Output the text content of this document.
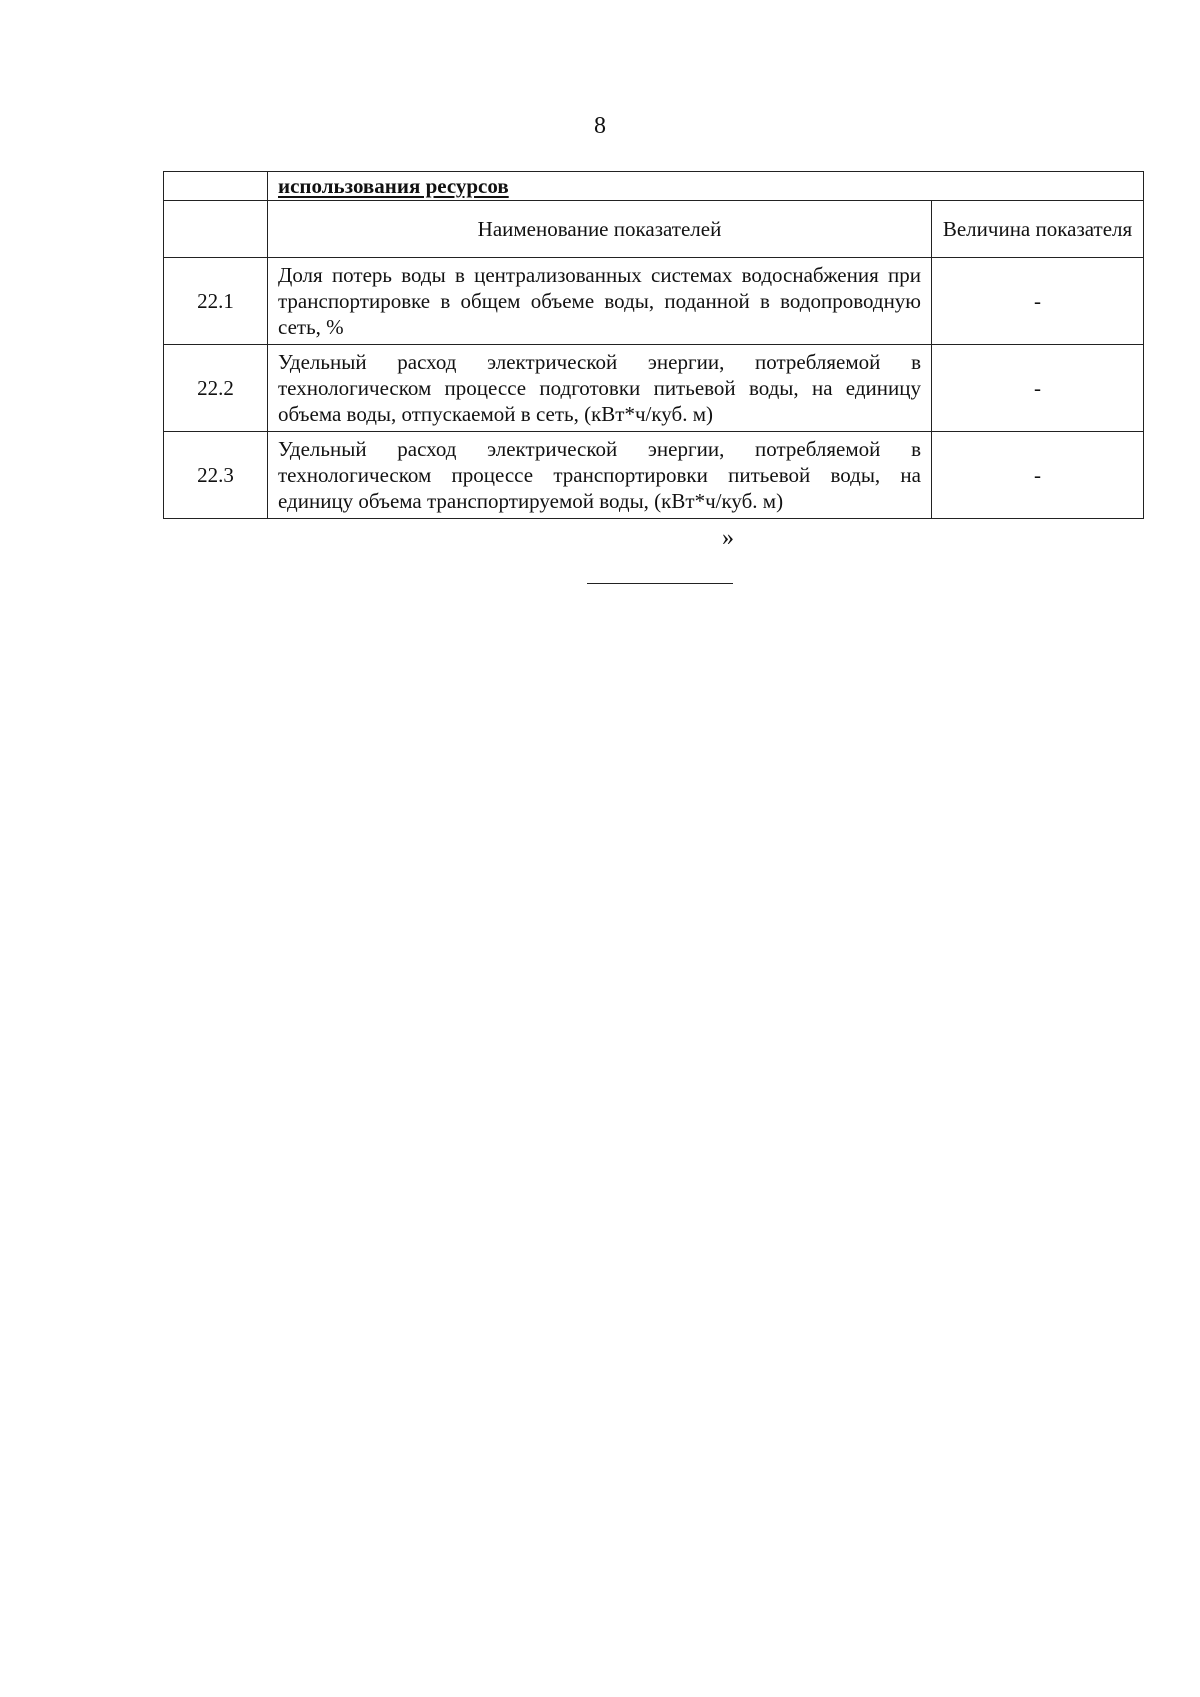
8
	использования ресурсов	
	Наименование показателей	Величина показателя
22.1	Доля потерь воды в централизованных системах водоснабжения при транспортировке в общем объеме воды, поданной в водопроводную сеть, %	-
22.2	Удельный расход электрической энергии, потребляемой в технологическом процессе подготовки питьевой воды, на единицу объема воды, отпускаемой в сеть, (кВт*ч/куб. м)	-
22.3	Удельный расход электрической энергии, потребляемой в технологическом процессе транспортировки питьевой воды, на единицу объема транспортируемой воды, (кВт*ч/куб. м)	-
»
